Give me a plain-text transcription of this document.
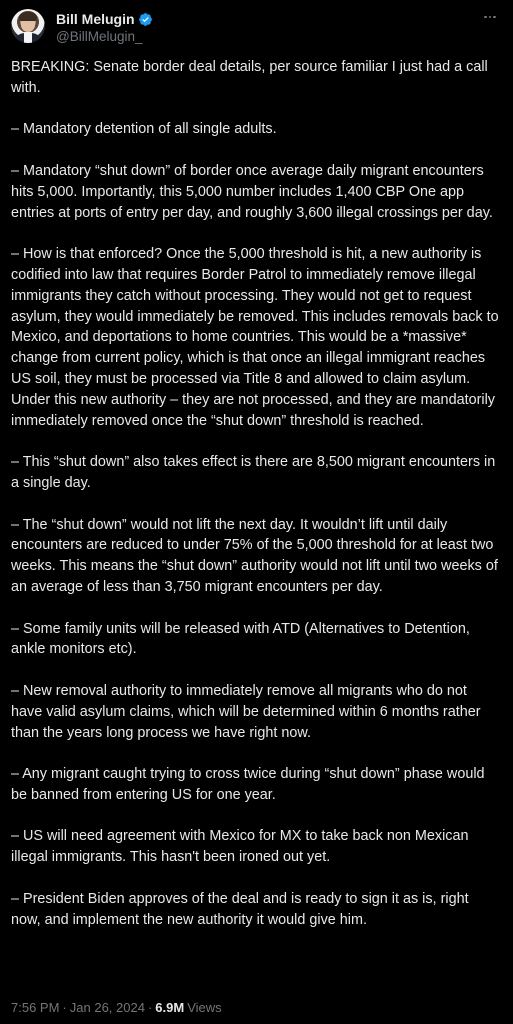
Bill Melugin
@BillMelugin_

BREAKING: Senate border deal details, per source familiar I just had a call with.

– Mandatory detention of all single adults.

– Mandatory “shut down” of border once average daily migrant encounters hits 5,000. Importantly, this 5,000 number includes 1,400 CBP One app entries at ports of entry per day, and roughly 3,600 illegal crossings per day.

– How is that enforced? Once the 5,000 threshold is hit, a new authority is codified into law that requires Border Patrol to immediately remove illegal immigrants they catch without processing. They would not get to request asylum, they would immediately be removed. This includes removals back to Mexico, and deportations to home countries. This would be a *massive* change from current policy, which is that once an illegal immigrant reaches US soil, they must be processed via Title 8 and allowed to claim asylum. Under this new authority – they are not processed, and they are mandatorily immediately removed once the “shut down” threshold is reached.

– This “shut down” also takes effect is there are 8,500 migrant encounters in a single day.

– The “shut down” would not lift the next day. It wouldn’t lift until daily encounters are reduced to under 75% of the 5,000 threshold for at least two weeks. This means the “shut down” authority would not lift until two weeks of an average of less than 3,750 migrant encounters per day.

– Some family units will be released with ATD (Alternatives to Detention, ankle monitors etc).

– New removal authority to immediately remove all migrants who do not have valid asylum claims, which will be determined within 6 months rather than the years long process we have right now.

– Any migrant caught trying to cross twice during “shut down” phase would be banned from entering US for one year.

– US will need agreement with Mexico for MX to take back non Mexican illegal immigrants. This hasn't been ironed out yet.

– President Biden approves of the deal and is ready to sign it as is, right now, and implement the new authority it would give him.

7:56 PM · Jan 26, 2024 · 6.9M Views
